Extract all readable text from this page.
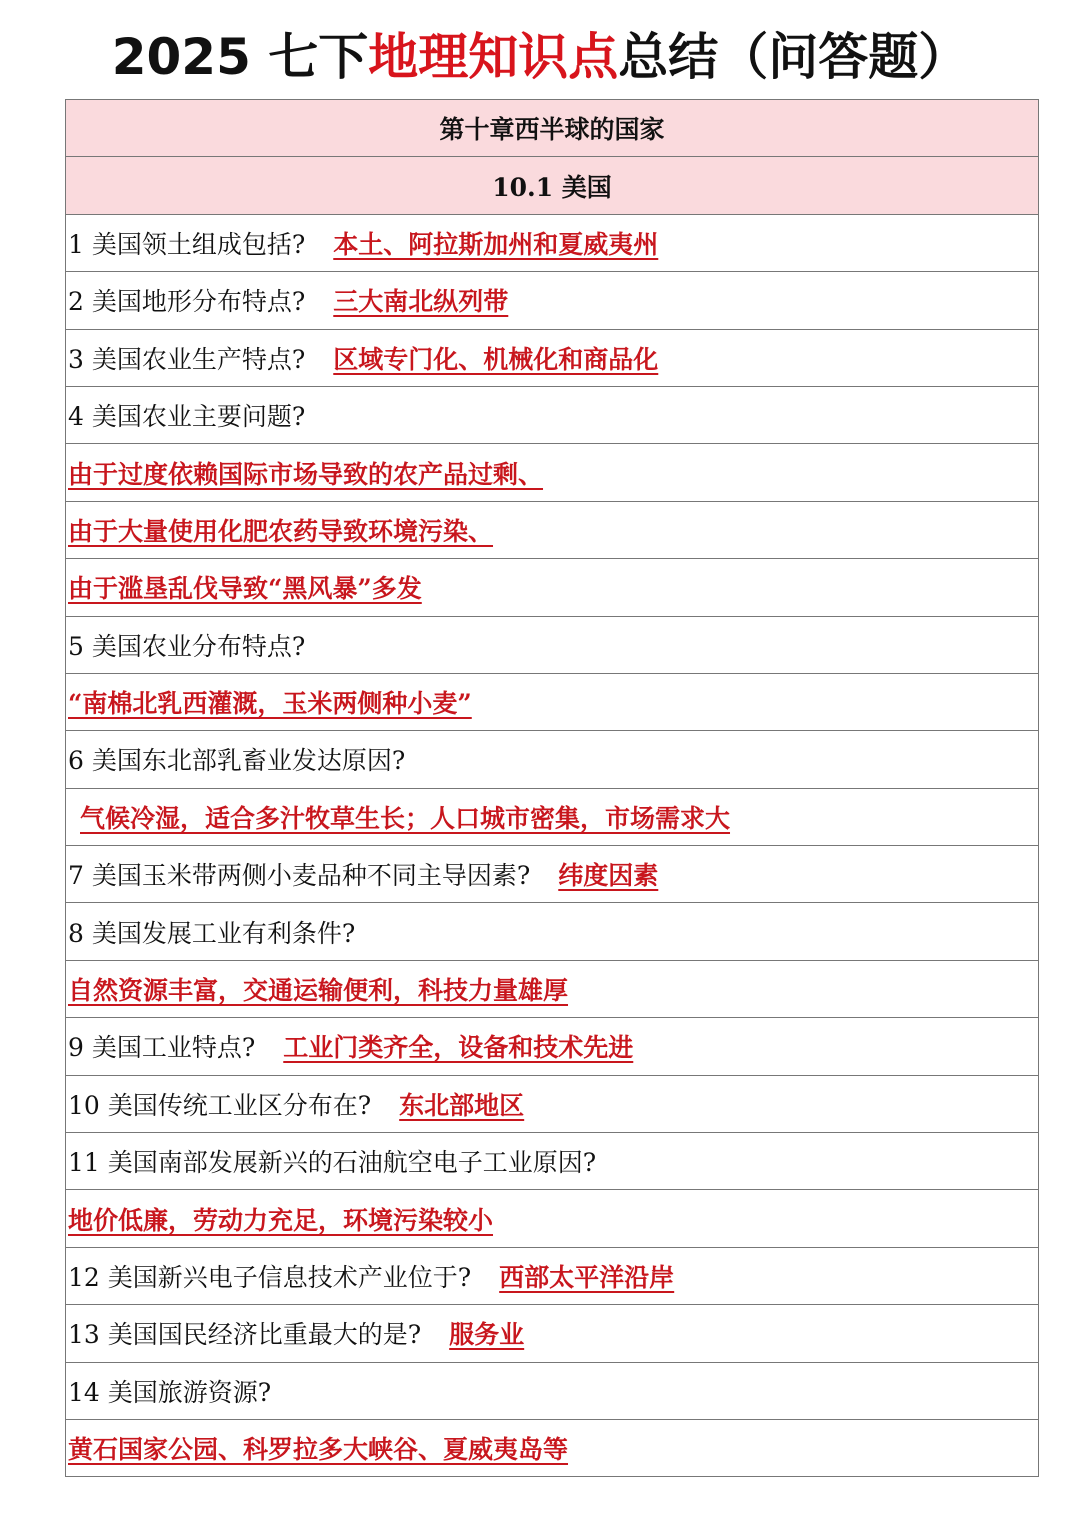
2025 七下地理知识点总结（问答题）
第十章西半球的国家
10.1 美国
1 美国领土组成包括? 本土、阿拉斯加州和夏威夷州
2 美国地形分布特点? 三大南北纵列带
3 美国农业生产特点? 区域专门化、机械化和商品化
4 美国农业主要问题?
由于过度依赖国际市场导致的农产品过剩、
由于大量使用化肥农药导致环境污染、
由于滥垦乱伐导致“黑风暴”多发
5 美国农业分布特点?
“南棉北乳西灌溉，玉米两侧种小麦”
6 美国东北部乳畜业发达原因?
气候冷湿，适合多汁牧草生长；人口城市密集，市场需求大
7 美国玉米带两侧小麦品种不同主导因素? 纬度因素
8 美国发展工业有利条件?
自然资源丰富，交通运输便利，科技力量雄厚
9 美国工业特点? 工业门类齐全，设备和技术先进
10 美国传统工业区分布在? 东北部地区
11 美国南部发展新兴的石油航空电子工业原因?
地价低廉，劳动力充足，环境污染较小
12 美国新兴电子信息技术产业位于? 西部太平洋沿岸
13 美国国民经济比重最大的是? 服务业
14 美国旅游资源?
黄石国家公园、科罗拉多大峡谷、夏威夷岛等
